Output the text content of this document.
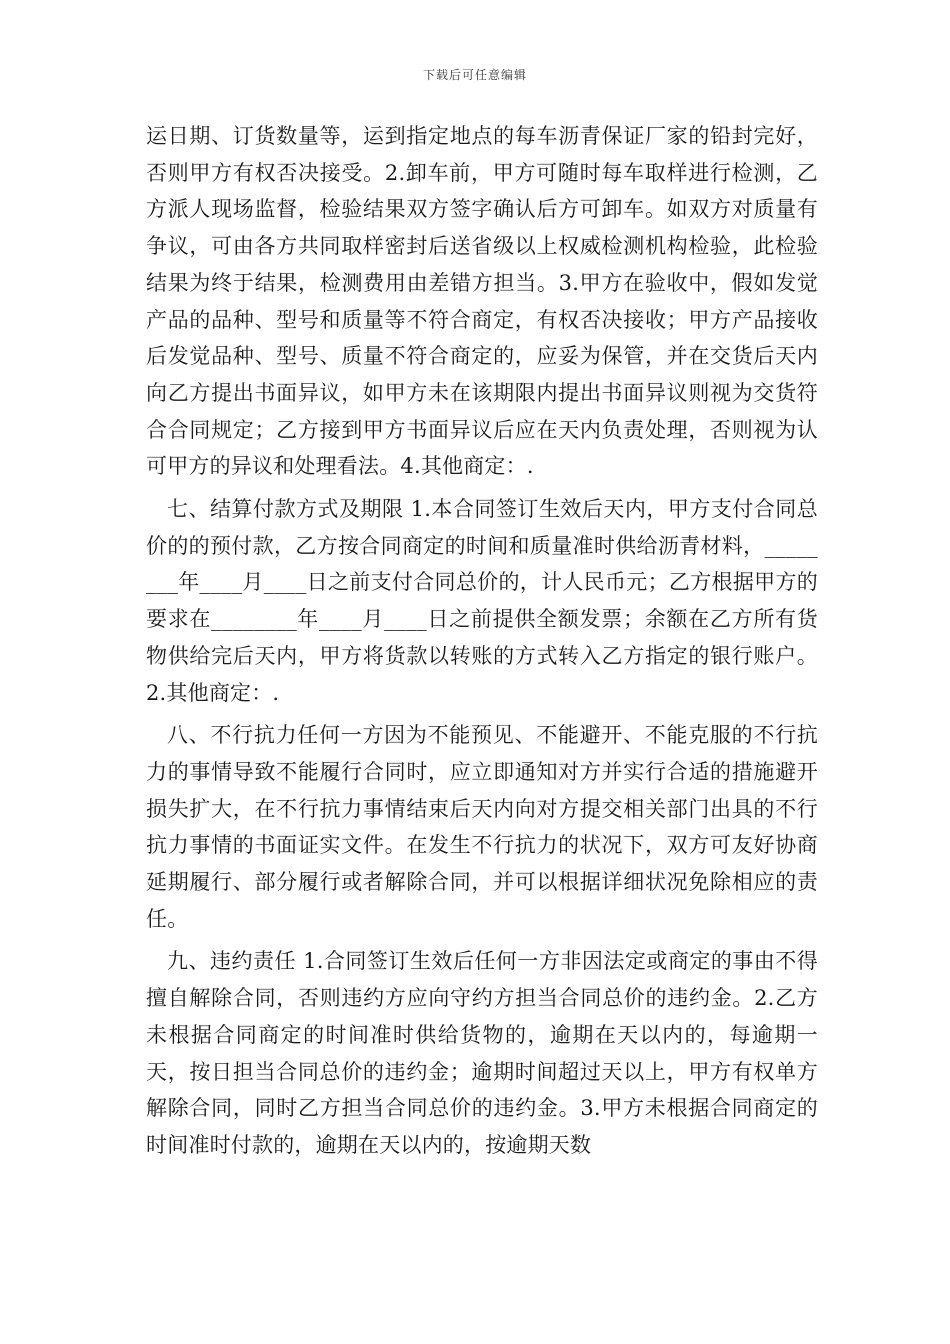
下载后可任意编辑

运日期、订货数量等，运到指定地点的每车沥青保证厂家的铅封完好，否则甲方有权否决接受。2.卸车前，甲方可随时每车取样进行检测，乙方派人现场监督，检验结果双方签字确认后方可卸车。如双方对质量有争议，可由各方共同取样密封后送省级以上权威检测机构检验，此检验结果为终于结果，检测费用由差错方担当。3.甲方在验收中，假如发觉产品的品种、型号和质量等不符合商定，有权否决接收；甲方产品接收后发觉品种、型号、质量不符合商定的，应妥为保管，并在交货后天内向乙方提出书面异议，如甲方未在该期限内提出书面异议则视为交货符合合同规定；乙方接到甲方书面异议后应在天内负责处理，否则视为认可甲方的异议和处理看法。4.其他商定：.

七、结算付款方式及期限 1.本合同签订生效后天内，甲方支付合同总价的的预付款，乙方按合同商定的时间和质量准时供给沥青材料，________年____月____日之前支付合同总价的，计人民币元；乙方根据甲方的要求在________年____月____日之前提供全额发票；余额在乙方所有货物供给完后天内，甲方将货款以转账的方式转入乙方指定的银行账户。2.其他商定：.

八、不行抗力任何一方因为不能预见、不能避开、不能克服的不行抗力的事情导致不能履行合同时，应立即通知对方并实行合适的措施避开损失扩大，在不行抗力事情结束后天内向对方提交相关部门出具的不行抗力事情的书面证实文件。在发生不行抗力的状况下，双方可友好协商延期履行、部分履行或者解除合同，并可以根据详细状况免除相应的责任。

九、违约责任 1.合同签订生效后任何一方非因法定或商定的事由不得擅自解除合同，否则违约方应向守约方担当合同总价的违约金。2.乙方未根据合同商定的时间准时供给货物的，逾期在天以内的，每逾期一天，按日担当合同总价的违约金；逾期时间超过天以上，甲方有权单方解除合同，同时乙方担当合同总价的违约金。3.甲方未根据合同商定的时间准时付款的，逾期在天以内的，按逾期天数
